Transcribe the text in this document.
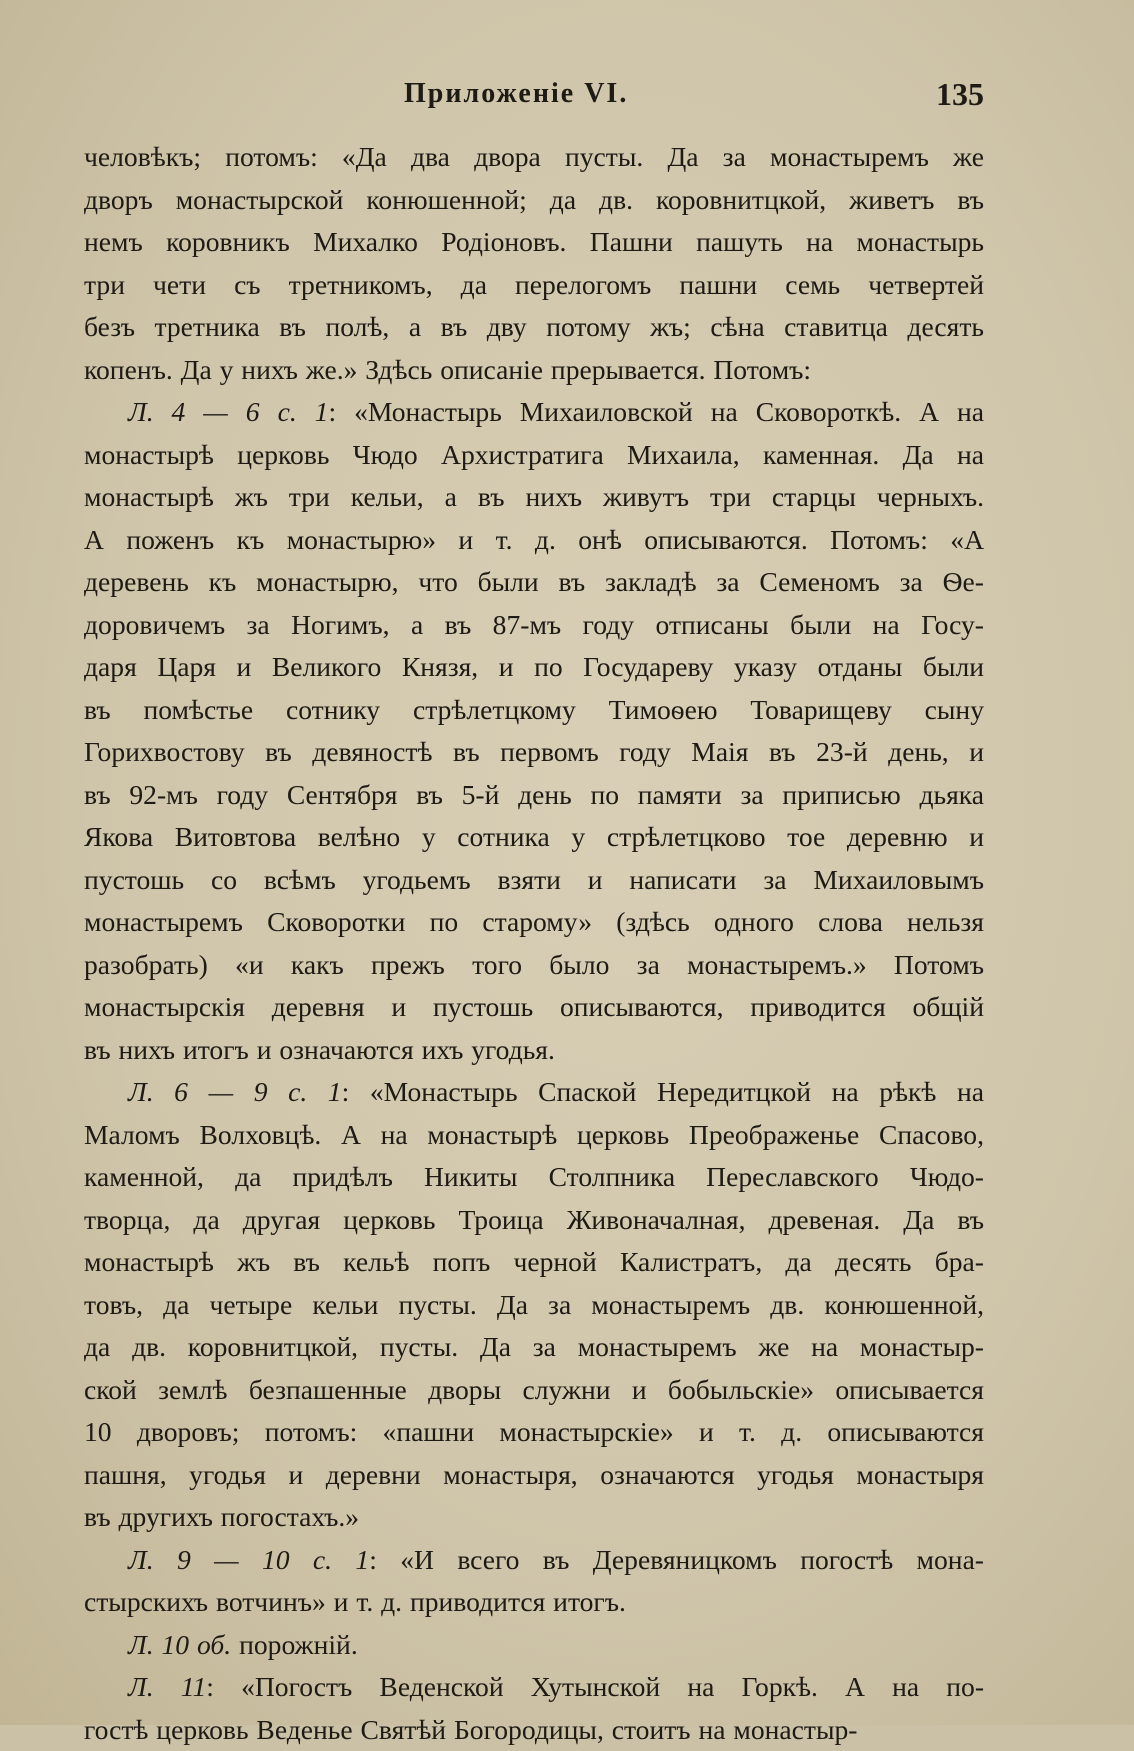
Приложеніе VI.	135

человѣкъ; потомъ: «Да два двора пусты. Да за монастыремъ же
дворъ монастырской конюшенной; да дв. коровнитцкой, живетъ въ
немъ коровникъ Михалко Родіоновъ. Пашни пашуть на монастырь
три чети съ третникомъ, да перелогомъ пашни семь четвертей
безъ третника въ полѣ, а въ дву потому жъ; сѣна ставитца десять
копенъ. Да у нихъ же.» Здѣсь описаніе прерывается. Потомъ:

Л. 4 — 6 с. 1: «Монастырь Михаиловской на Сковороткѣ. А на
монастырѣ церковь Чюдо Архистратига Михаила, каменная. Да на
монастырѣ жъ три кельи, а въ нихъ живутъ три старцы черныхъ.
А поженъ къ монастырю» и т. д. онѣ описываются. Потомъ: «А
деревень къ монастырю, что были въ закладѣ за Семеномъ за Ѳе-
доровичемъ за Ногимъ, а въ 87-мъ году отписаны были на Госу-
даря Царя и Великого Князя, и по Государеву указу отданы были
въ помѣстье сотнику стрѣлетцкому Тимоѳею Товарищеву сыну
Горихвостову въ девяностѣ въ первомъ году Маія въ 23-й день, и
въ 92-мъ году Сентября въ 5-й день по памяти за приписью дьяка
Якова Витовтова велѣно у сотника у стрѣлетцково тое деревню и
пустошь со всѣмъ угодьемъ взяти и написати за Михаиловымъ
монастыремъ Сковоротки по старому» (здѣсь одного слова нельзя
разобрать) «и какъ прежъ того было за монастыремъ.» Потомъ
монастырскія деревня и пустошь описываются, приводится общій
въ нихъ итогъ и означаются ихъ угодья.

Л. 6 — 9 с. 1: «Монастырь Спаской Нередитцкой на рѣкѣ на
Маломъ Волховцѣ. А на монастырѣ церковь Преображенье Спасово,
каменной, да придѣлъ Никиты Столпника Переславского Чюдо-
творца, да другая церковь Троица Живоначалная, древеная. Да въ
монастырѣ жъ въ кельѣ попъ черной Калистратъ, да десять бра-
товъ, да четыре кельи пусты. Да за монастыремъ дв. конюшенной,
да дв. коровнитцкой, пусты. Да за монастыремъ же на монастыр-
ской землѣ безпашенные дворы служни и бобыльскіе» описывается
10 дворовъ; потомъ: «пашни монастырскіе» и т. д. описываются
пашня, угодья и деревни монастыря, означаются угодья монастыря
въ другихъ погостахъ.»

Л. 9 — 10 с. 1: «И всего въ Деревяницкомъ погостѣ мона-
стырскихъ вотчинъ» и т. д. приводится итогъ.

Л. 10 об. порожній.

Л. 11: «Погостъ Веденской Хутынской на Горкѣ. А на по-
гостѣ церковь Веденье Святѣй Богородицы, стоитъ на монастыр-
